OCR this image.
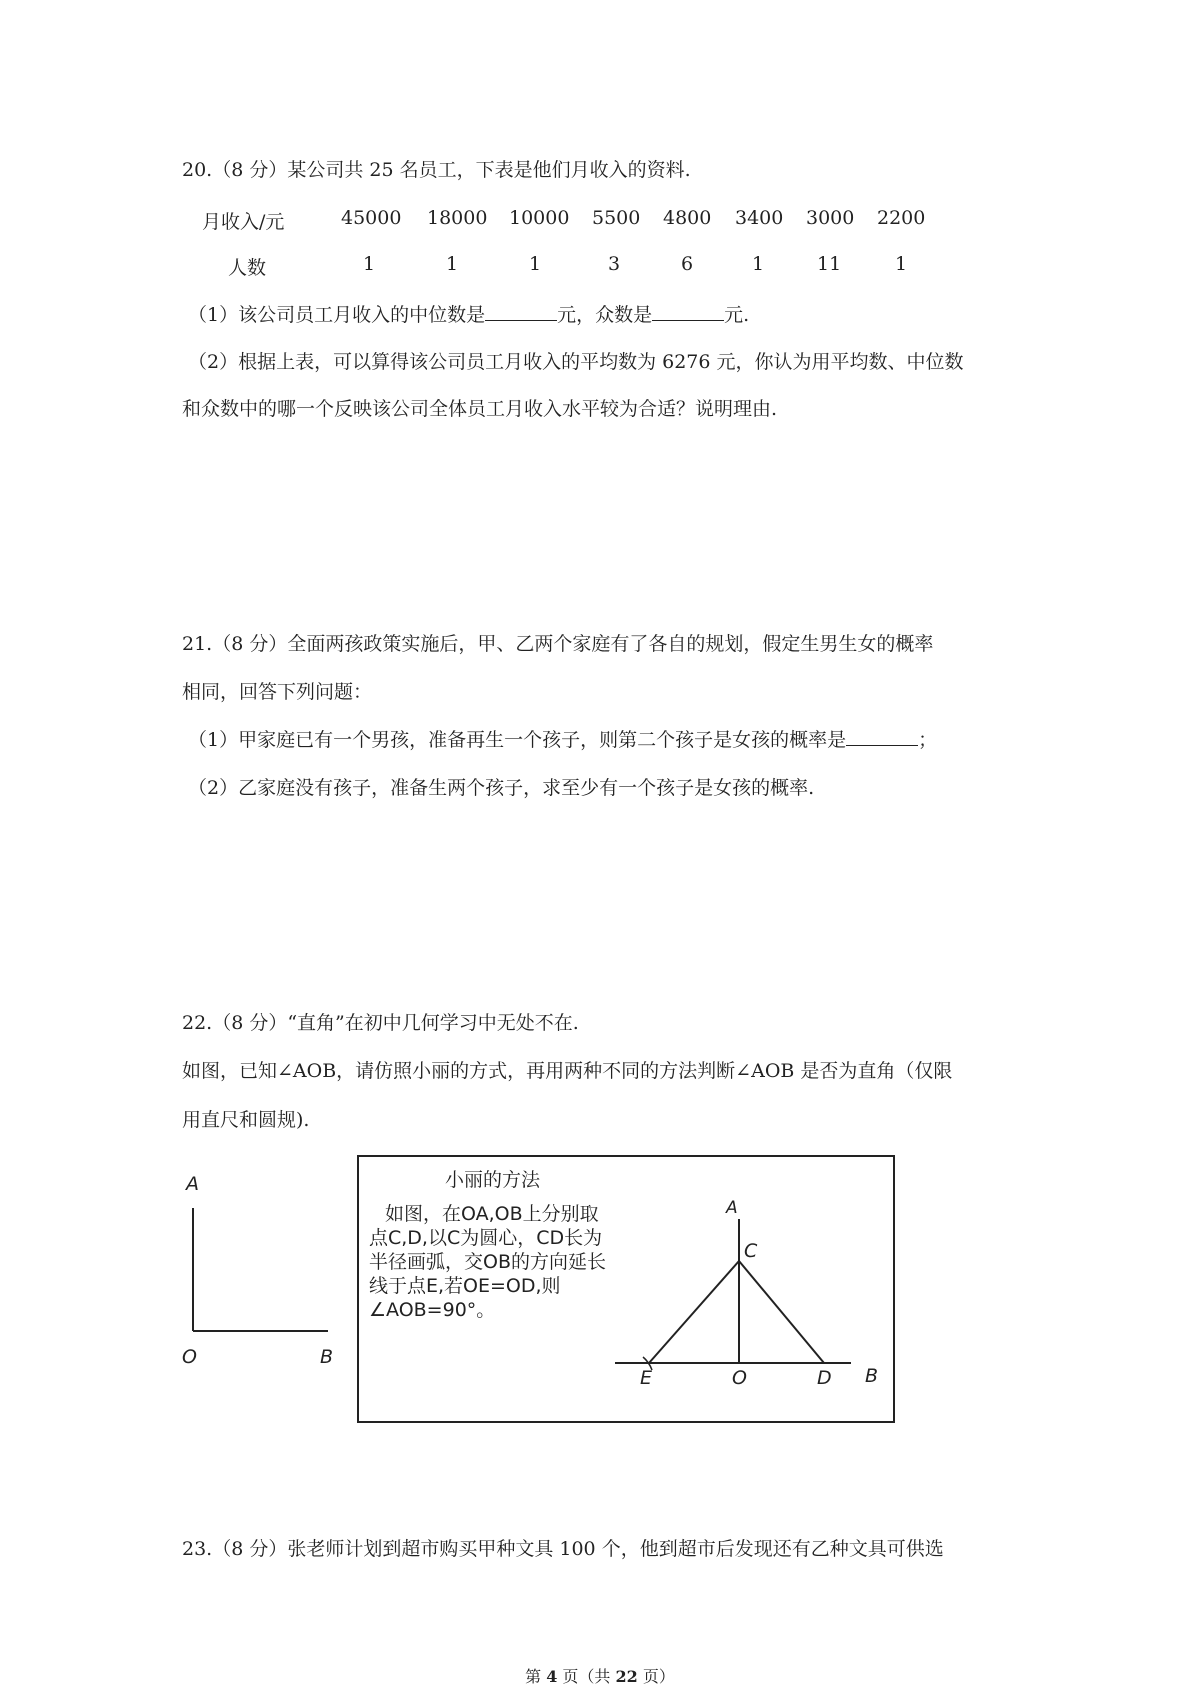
20.（8 分）某公司共 25 名员工，下表是他们月收入的资料.
月收入/元	45000 18000 10000 5500 4800 3400 3000 2200
人数	1	1	1	3	6	1	11	1
（1）该公司员工月收入的中位数是	元，众数是	元.
（2）根据上表，可以算得该公司员工月收入的平均数为 6276 元，你认为用平均数、中位数
和众数中的哪一个反映该公司全体员工月收入水平较为合适？说明理由.
21.（8 分）全面两孩政策实施后，甲、乙两个家庭有了各自的规划，假定生男生女的概率
相同，回答下列问题：
（1）甲家庭已有一个男孩，准备再生一个孩子，则第二个孩子是女孩的概率是	；
（2）乙家庭没有孩子，准备生两个孩子，求至少有一个孩子是女孩的概率.
22.（8 分）“直角”在初中几何学习中无处不在.
如图，已知∠AOB，请仿照小丽的方式，再用两种不同的方法判断∠AOB 是否为直角（仅限
用直尺和圆规).
A
O	B
小丽的方法
如图，在OA,OB上分别取
点C,D,以C为圆心，CD长为
半径画弧，交OB的方向延长
线于点E,若OE=OD,则
∠AOB=90°。
A
C
E	O	D B
23.（8 分）张老师计划到超市购买甲种文具 100 个，他到超市后发现还有乙种文具可供选
第 4 页（共 22 页）
